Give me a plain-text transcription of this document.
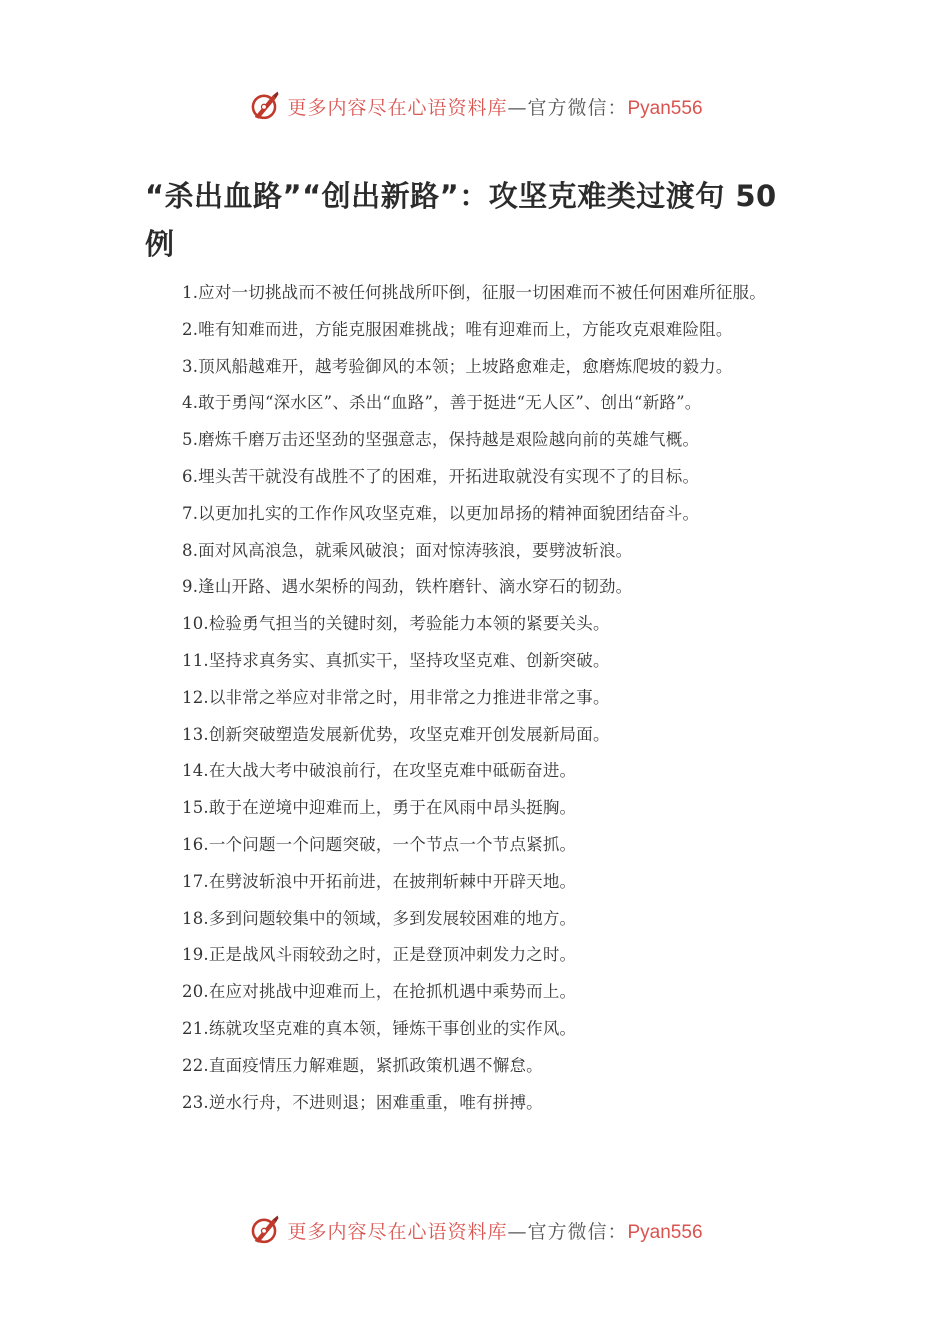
更多内容尽在心语资料库—官方微信：Pyan556
“杀出血路”“创出新路”：攻坚克难类过渡句 50 例
1.应对一切挑战而不被任何挑战所吓倒，征服一切困难而不被任何困难所征服。
2.唯有知难而进，方能克服困难挑战；唯有迎难而上，方能攻克艰难险阻。
3.顶风船越难开，越考验御风的本领；上坡路愈难走，愈磨炼爬坡的毅力。
4.敢于勇闯“深水区”、杀出“血路”，善于挺进“无人区”、创出“新路”。
5.磨炼千磨万击还坚劲的坚强意志，保持越是艰险越向前的英雄气概。
6.埋头苦干就没有战胜不了的困难，开拓进取就没有实现不了的目标。
7.以更加扎实的工作作风攻坚克难，以更加昂扬的精神面貌团结奋斗。
8.面对风高浪急，就乘风破浪；面对惊涛骇浪，要劈波斩浪。
9.逢山开路、遇水架桥的闯劲，铁杵磨针、滴水穿石的韧劲。
10.检验勇气担当的关键时刻，考验能力本领的紧要关头。
11.坚持求真务实、真抓实干，坚持攻坚克难、创新突破。
12.以非常之举应对非常之时，用非常之力推进非常之事。
13.创新突破塑造发展新优势，攻坚克难开创发展新局面。
14.在大战大考中破浪前行，在攻坚克难中砥砺奋进。
15.敢于在逆境中迎难而上，勇于在风雨中昂头挺胸。
16.一个问题一个问题突破，一个节点一个节点紧抓。
17.在劈波斩浪中开拓前进，在披荆斩棘中开辟天地。
18.多到问题较集中的领域，多到发展较困难的地方。
19.正是战风斗雨较劲之时，正是登顶冲刺发力之时。
20.在应对挑战中迎难而上，在抢抓机遇中乘势而上。
21.练就攻坚克难的真本领，锤炼干事创业的实作风。
22.直面疫情压力解难题，紧抓政策机遇不懈怠。
23.逆水行舟，不进则退；困难重重，唯有拼搏。
更多内容尽在心语资料库—官方微信：Pyan556
